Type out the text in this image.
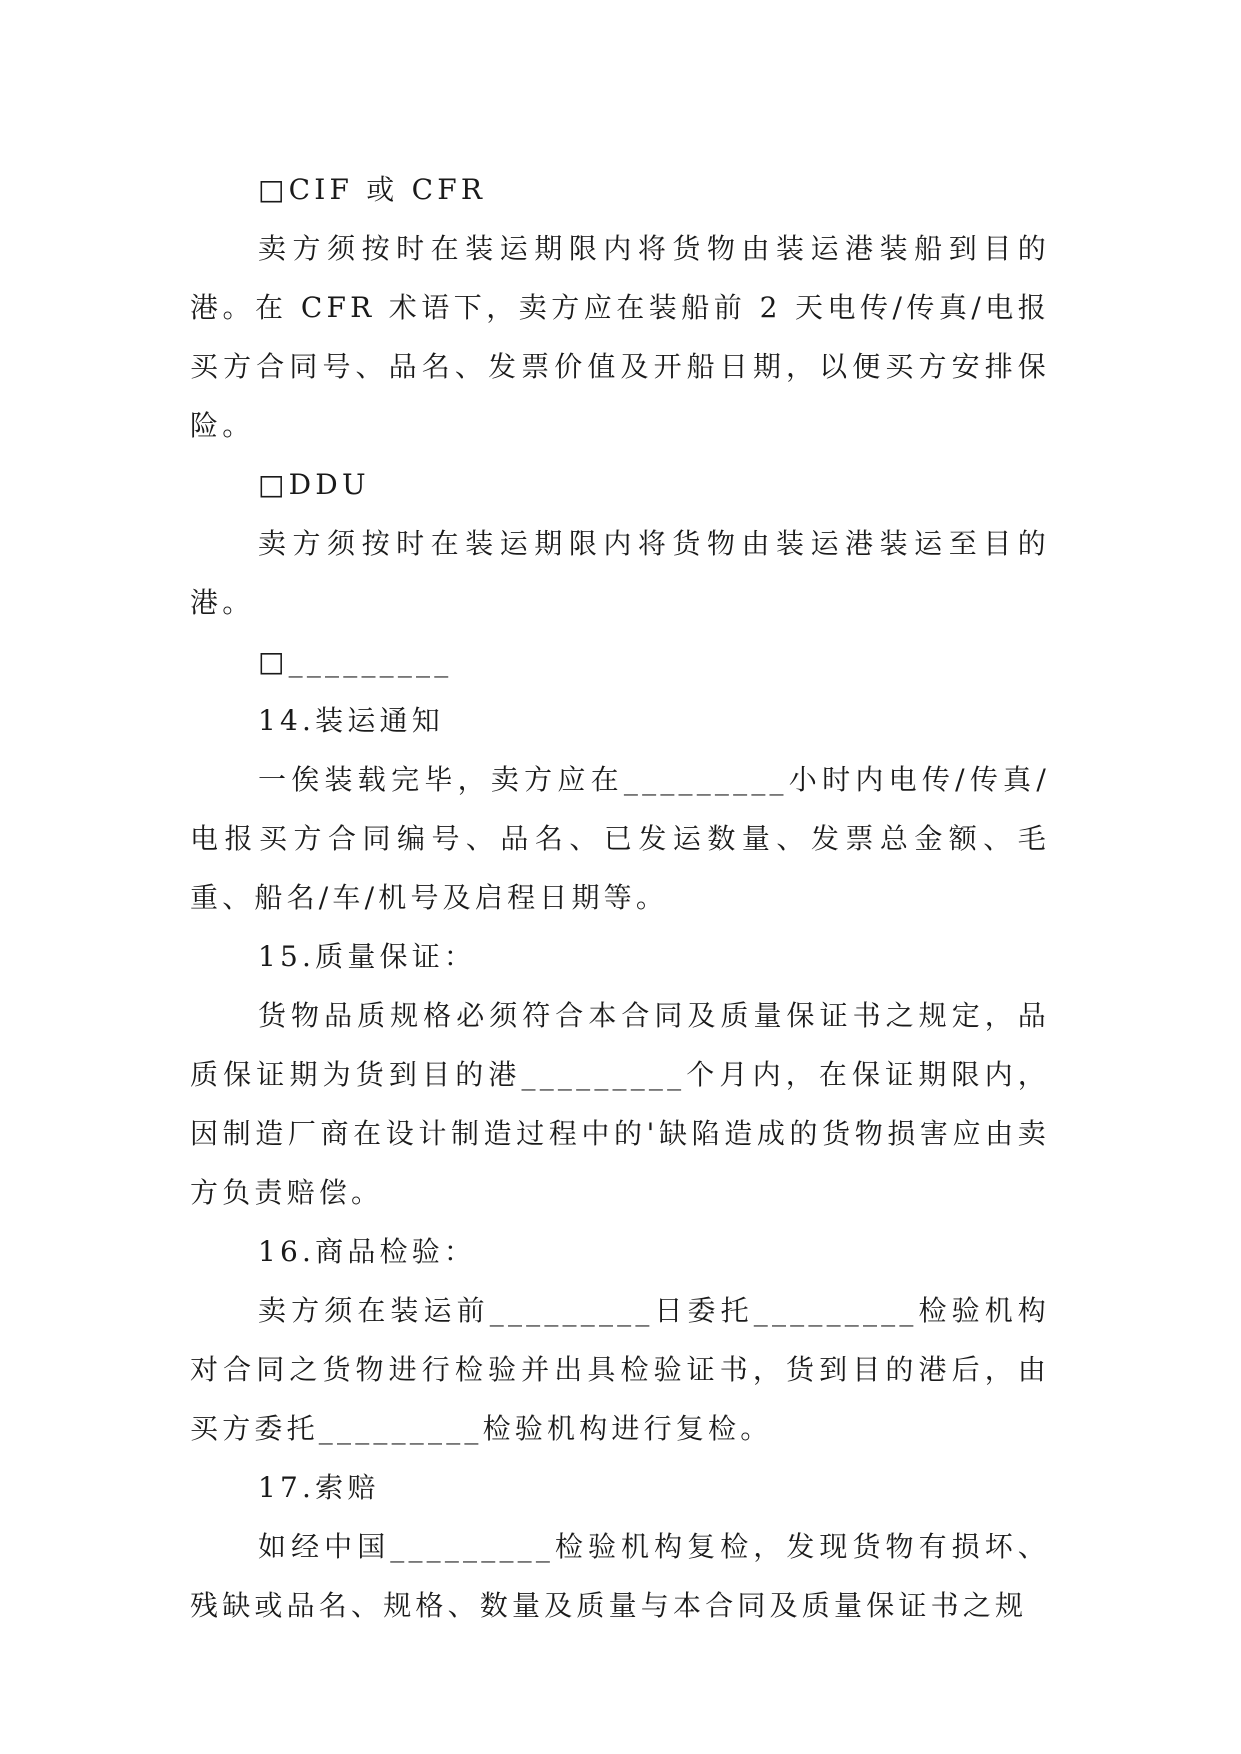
□CIF 或 CFR

卖方须按时在装运期限内将货物由装运港装船到目的港。在 CFR 术语下，卖方应在装船前 2 天电传/传真/电报买方合同号、品名、发票价值及开船日期，以便买方安排保险。

□DDU

卖方须按时在装运期限内将货物由装运港装运至目的港。

□_________

14.装运通知

一俟装载完毕，卖方应在_________小时内电传/传真/电报买方合同编号、品名、已发运数量、发票总金额、毛重、船名/车/机号及启程日期等。

15.质量保证：

货物品质规格必须符合本合同及质量保证书之规定，品质保证期为货到目的港_________个月内，在保证期限内，因制造厂商在设计制造过程中的'缺陷造成的货物损害应由卖方负责赔偿。

16.商品检验：

卖方须在装运前_________日委托_________检验机构对合同之货物进行检验并出具检验证书，货到目的港后，由买方委托_________检验机构进行复检。

17.索赔

如经中国_________检验机构复检，发现货物有损坏、残缺或品名、规格、数量及质量与本合同及质量保证书之规
